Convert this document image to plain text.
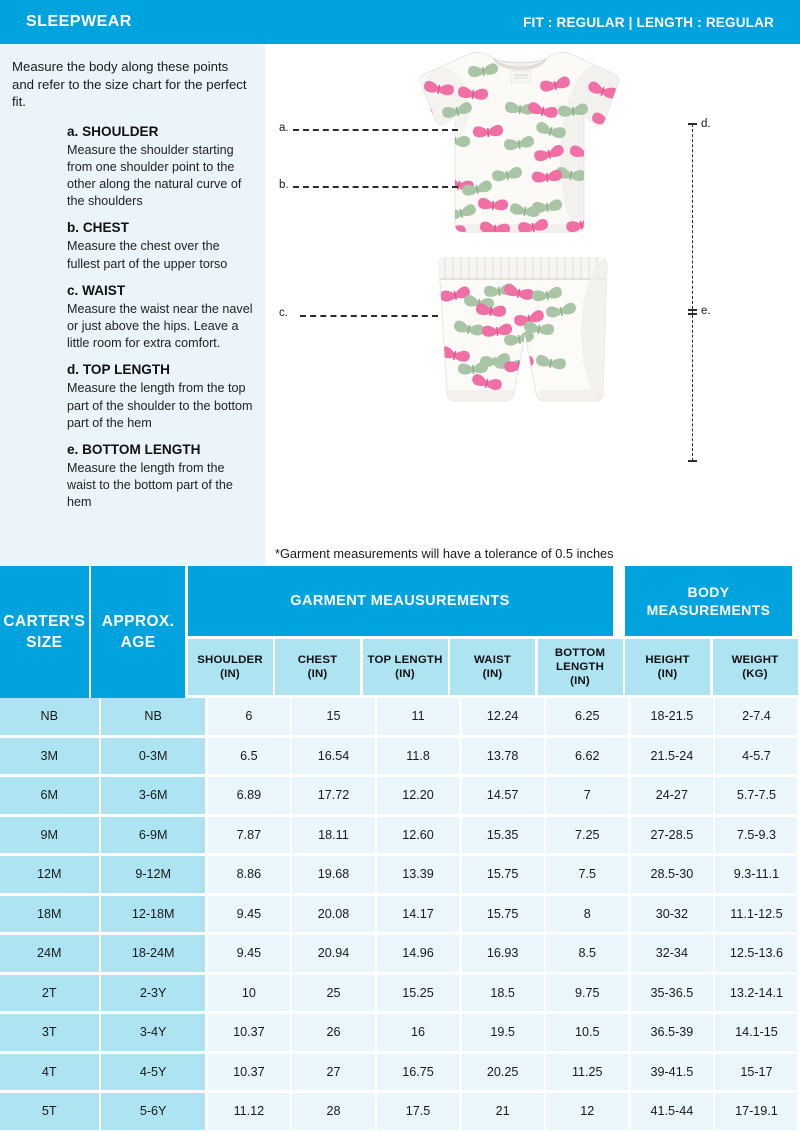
SLEEPWEAR	FIT : REGULAR | LENGTH : REGULAR
Measure the body along these points and refer to the size chart for the perfect fit.
a. SHOULDER
Measure the shoulder starting from one shoulder point to the other along the natural curve of the shoulders
b. CHEST
Measure the chest over the fullest part of the upper torso
c. WAIST
Measure the waist near the navel or just above the hips. Leave a little room for extra comfort.
d. TOP LENGTH
Measure the length from the top part of the shoulder to the bottom part of the hem
e. BOTTOM LENGTH
Measure the length from the waist to the bottom part of the hem
a.
b.
c.
d.
e.
*Garment measurements will have a tolerance of 0.5 inches
CARTER'S SIZE
APPROX. AGE
GARMENT MEAUSUREMENTS
SHOULDER
(IN)
CHEST
(IN)
TOP LENGTH
(IN)
WAIST
(IN)
BOTTOM LENGTH
(IN)
BODY MEASUREMENTS
HEIGHT
(IN)
WEIGHT
(KG)
NB	NB	6	15	11	12.24	6.25	18-21.5	2-7.4
3M	0-3M	6.5	16.54	11.8	13.78	6.62	21.5-24	4-5.7
6M	3-6M	6.89	17.72	12.20	14.57	7	24-27	5.7-7.5
9M	6-9M	7.87	18.11	12.60	15.35	7.25	27-28.5	7.5-9.3
12M	9-12M	8.86	19.68	13.39	15.75	7.5	28.5-30	9.3-11.1
18M	12-18M	9.45	20.08	14.17	15.75	8	30-32	11.1-12.5
24M	18-24M	9.45	20.94	14.96	16.93	8.5	32-34	12.5-13.6
2T	2-3Y	10	25	15.25	18.5	9.75	35-36.5	13.2-14.1
3T	3-4Y	10.37	26	16	19.5	10.5	36.5-39	14.1-15
4T	4-5Y	10.37	27	16.75	20.25	11.25	39-41.5	15-17
5T	5-6Y	11.12	28	17.5	21	12	41.5-44	17-19.1
